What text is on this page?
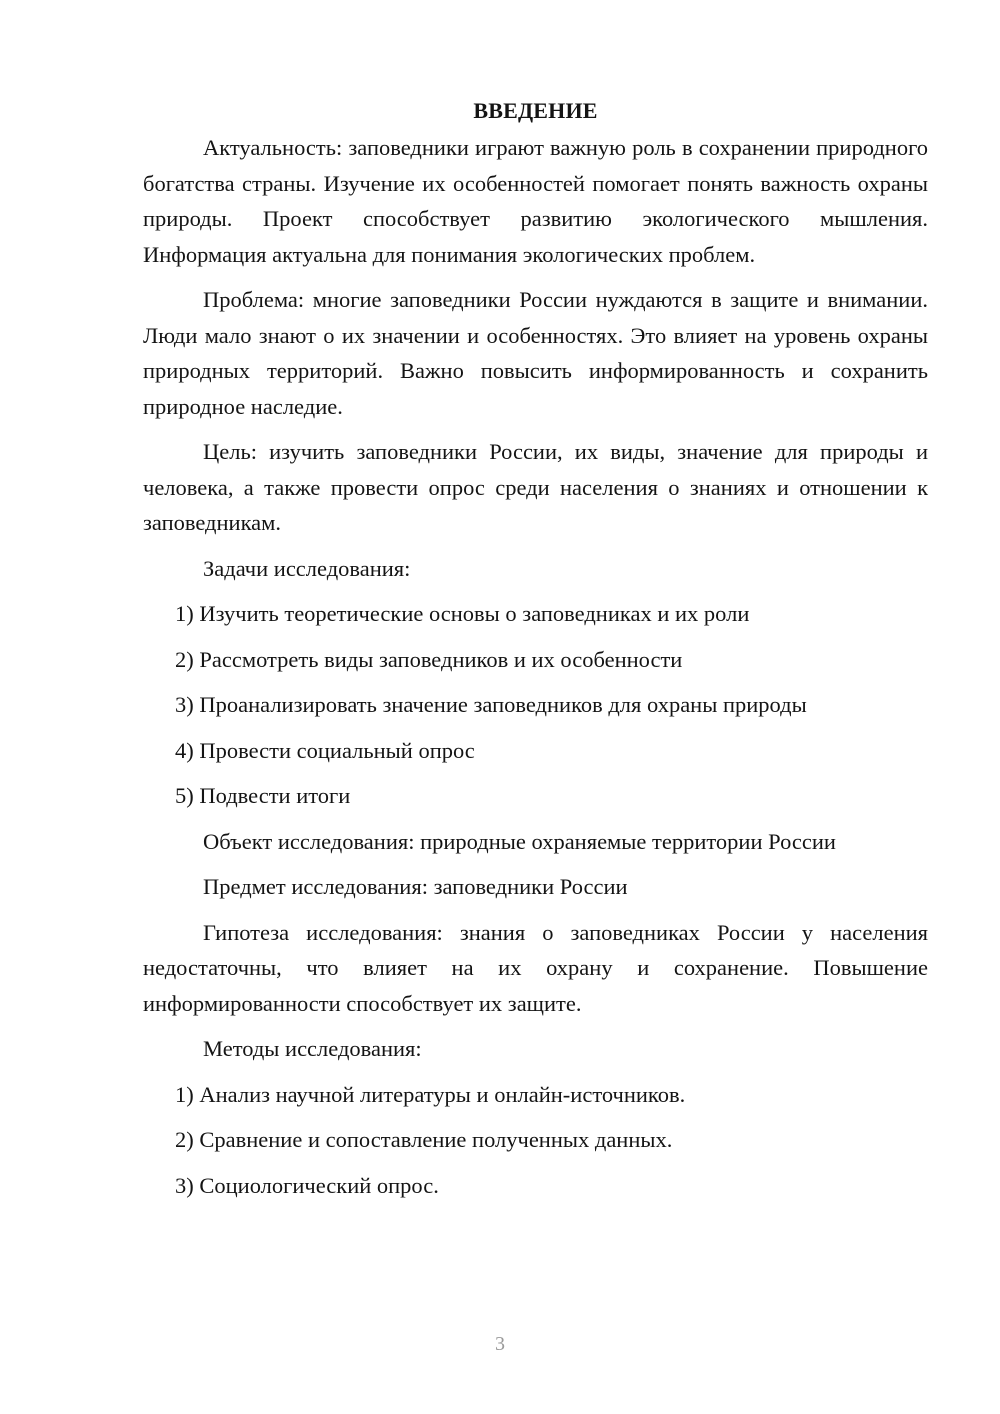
ВВЕДЕНИЕ

Актуальность: заповедники играют важную роль в сохранении природного богатства страны. Изучение их особенностей помогает понять важность охраны природы. Проект способствует развитию экологического мышления. Информация актуальна для понимания экологических проблем.

Проблема: многие заповедники России нуждаются в защите и внимании. Люди мало знают о их значении и особенностях. Это влияет на уровень охраны природных территорий. Важно повысить информированность и сохранить природное наследие.

Цель: изучить заповедники России, их виды, значение для природы и человека, а также провести опрос среди населения о знаниях и отношении к заповедникам.

Задачи исследования:
1) Изучить теоретические основы о заповедниках и их роли
2) Рассмотреть виды заповедников и их особенности
3) Проанализировать значение заповедников для охраны природы
4) Провести социальный опрос
5) Подвести итоги
Объект исследования: природные охраняемые территории России
Предмет исследования: заповедники России

Гипотеза исследования: знания о заповедниках России у населения недостаточны, что влияет на их охрану и сохранение. Повышение информированности способствует их защите.

Методы исследования:
1) Анализ научной литературы и онлайн-источников.
2) Сравнение и сопоставление полученных данных.
3) Социологический опрос.
3
